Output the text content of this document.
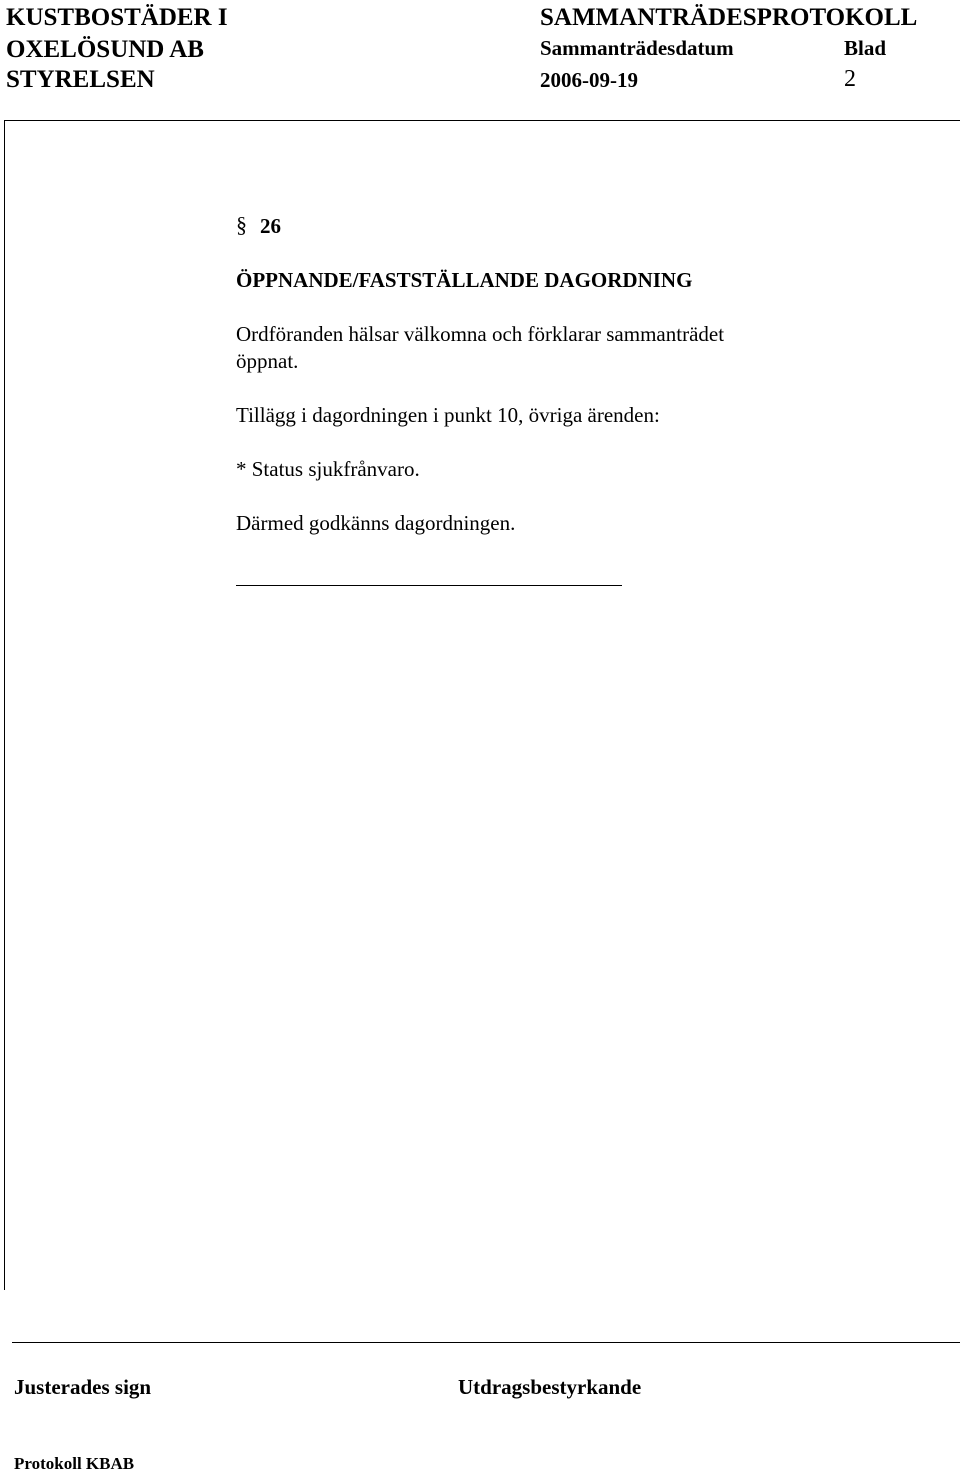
KUSTBOSTÄDER I
OXELÖSUND AB
STYRELSEN
SAMMANTRÄDESPROTOKOLL
Sammanträdesdatum	Blad
2006-09-19	2
§ 26
ÖPPNANDE/FASTSTÄLLANDE DAGORDNING
Ordföranden hälsar välkomna och förklarar sammanträdet
öppnat.
Tillägg i dagordningen i punkt 10, övriga ärenden:
* Status sjukfrånvaro.
Därmed godkänns dagordningen.
Justerades sign	Utdragsbestyrkande
Protokoll KBAB
